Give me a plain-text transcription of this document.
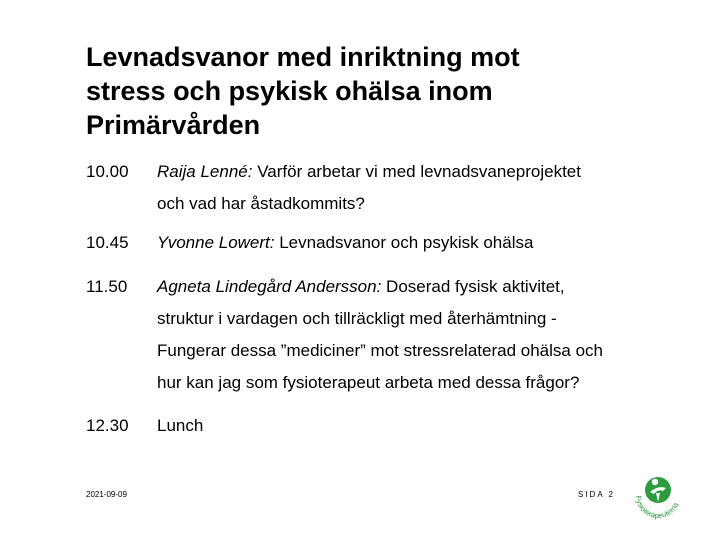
Levnadsvanor med inriktning mot
stress och psykisk ohälsa inom
Primärvården
10.00 Raija Lenné: Varför arbetar vi med levnadsvaneprojektet
och vad har åstadkommits?
10.45 Yvonne Lowert: Levnadsvanor och psykisk ohälsa
11.50 Agneta Lindegård Andersson: Doserad fysisk aktivitet,
struktur i vardagen och tillräckligt med återhämtning -
Fungerar dessa ”mediciner” mot stressrelaterad ohälsa och
hur kan jag som fysioterapeut arbeta med dessa frågor?
12.30 Lunch
2021-09-09	SIDA 2	Fysioterapeuterna
